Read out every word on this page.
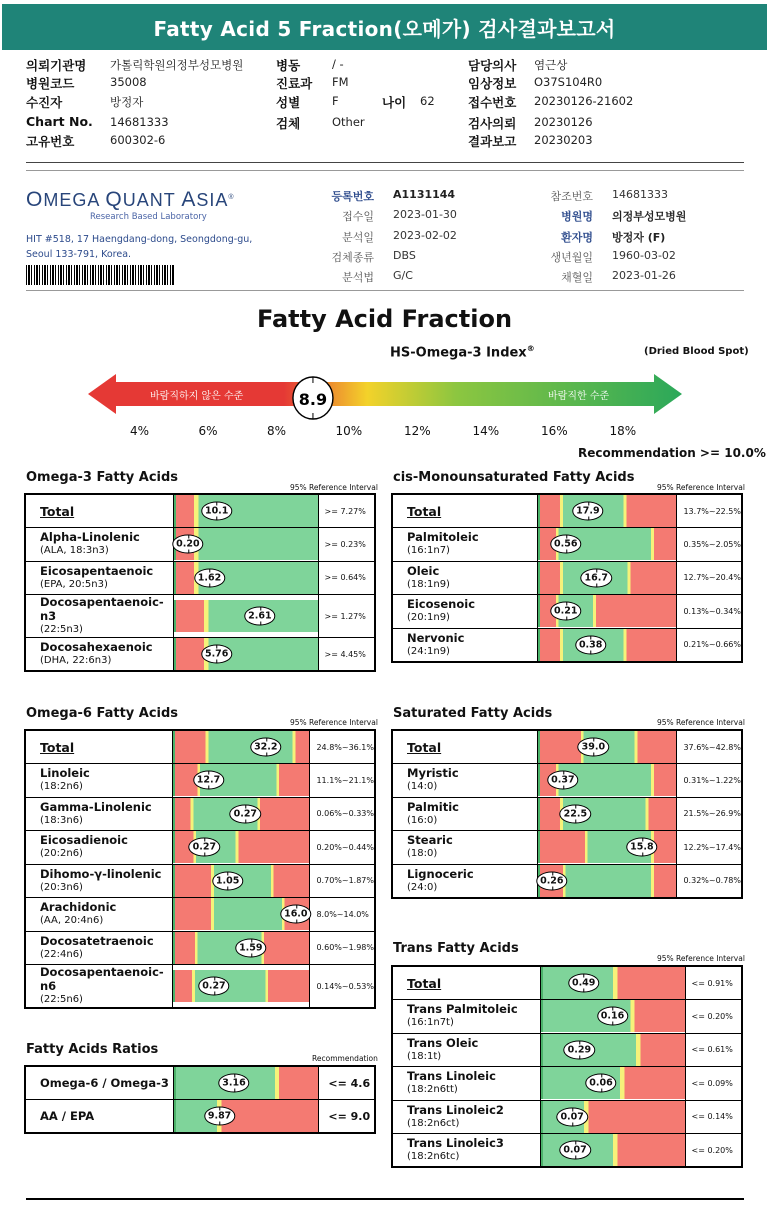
Fatty Acid 5 Fraction(오메가) 검사결과보고서
의뢰기관명 가톨릭학원의정부성모병원
병원코드	35008
수진자	방정자
Chart No. 14681333
고유번호	600302-6
병동	/ -
진료과 FM
성별	F
검체	Other
나이 62
담당의사 염근상
임상정보 O37S104R0
접수번호 20230126-21602
검사의뢰 20230126
결과보고 20230203
OMEGA QUANT ASIA®
Research Based Laboratory
HIT #518, 17 Haengdang-dong, Seongdong-gu,
Seoul 133-791, Korea.
등록번호 A1131144
접수일 2023-01-30
분석일 2023-02-02
검체종류 DBS
분석법 G/C
참조번호 14681333
병원명 의정부성모병원
환자명 방정자 (F)
생년월일 1960-03-02
채혈일 2023-01-26
Fatty Acid Fraction
HS-Omega-3 Index®	(Dried Blood Spot)
바람직하지 않은 수준	바람직한 수준
8.9
4%	6%	8%	10%	12%	14%	16%	18%
Recommendation >= 10.0%
Omega-3 Fatty Acids
95% Reference Interval
Total	10.1	>= 7.27%

Alpha-Linolenic
(ALA, 18:3n3)	0.20	>= 0.23%

Eicosapentaenoic
(EPA, 20:5n3)	1.62	>= 0.64%

Docosapentaenoic-n3
(22:5n3)	2.61	>= 1.27%

Docosahexaenoic
(DHA, 22:6n3)	5.76	>= 4.45%
cis-Monounsaturated Fatty Acids
95% Reference Interval
Total	17.9	13.7%~22.5%

Palmitoleic
(16:1n7)	0.56	0.35%~2.05%

Oleic
(18:1n9)	16.7	12.7%~20.4%

Eicosenoic
(20:1n9)	0.21	0.13%~0.34%

Nervonic
(24:1n9)	0.38	0.21%~0.66%
Omega-6 Fatty Acids
95% Reference Interval
Total	32.2	24.8%~36.1%

Linoleic
(18:2n6)	12.7	11.1%~21.1%

Gamma-Linolenic
(18:3n6)	0.27	0.06%~0.33%

Eicosadienoic
(20:2n6)	0.27	0.20%~0.44%

Dihomo-γ-linolenic
(20:3n6)	1.05	0.70%~1.87%

Arachidonic
(AA, 20:4n6)	16.0	8.0%~14.0%

Docosatetraenoic
(22:4n6)	1.59	0.60%~1.98%

Docosapentaenoic-n6
(22:5n6)	0.27	0.14%~0.53%
Saturated Fatty Acids
95% Reference Interval
Total	39.0	37.6%~42.8%

Myristic
(14:0)	0.37	0.31%~1.22%

Palmitic
(16:0)	22.5	21.5%~26.9%

Stearic
(18:0)	15.8	12.2%~17.4%

Lignoceric
(24:0)	0.26	0.32%~0.78%
Trans Fatty Acids
95% Reference Interval
Total	0.49	<= 0.91%

Trans Palmitoleic
(16:1n7t)	0.16	<= 0.20%

Trans Oleic
(18:1t)	0.29	<= 0.61%

Trans Linoleic
(18:2n6tt)	0.06	<= 0.09%

Trans Linoleic2
(18:2n6ct)	0.07	<= 0.14%

Trans Linoleic3
(18:2n6tc)	0.07	<= 0.20%
Fatty Acids Ratios
Recommendation
Omega-6 / Omega-3	3.16	<= 4.6

AA / EPA	9.87	<= 9.0
